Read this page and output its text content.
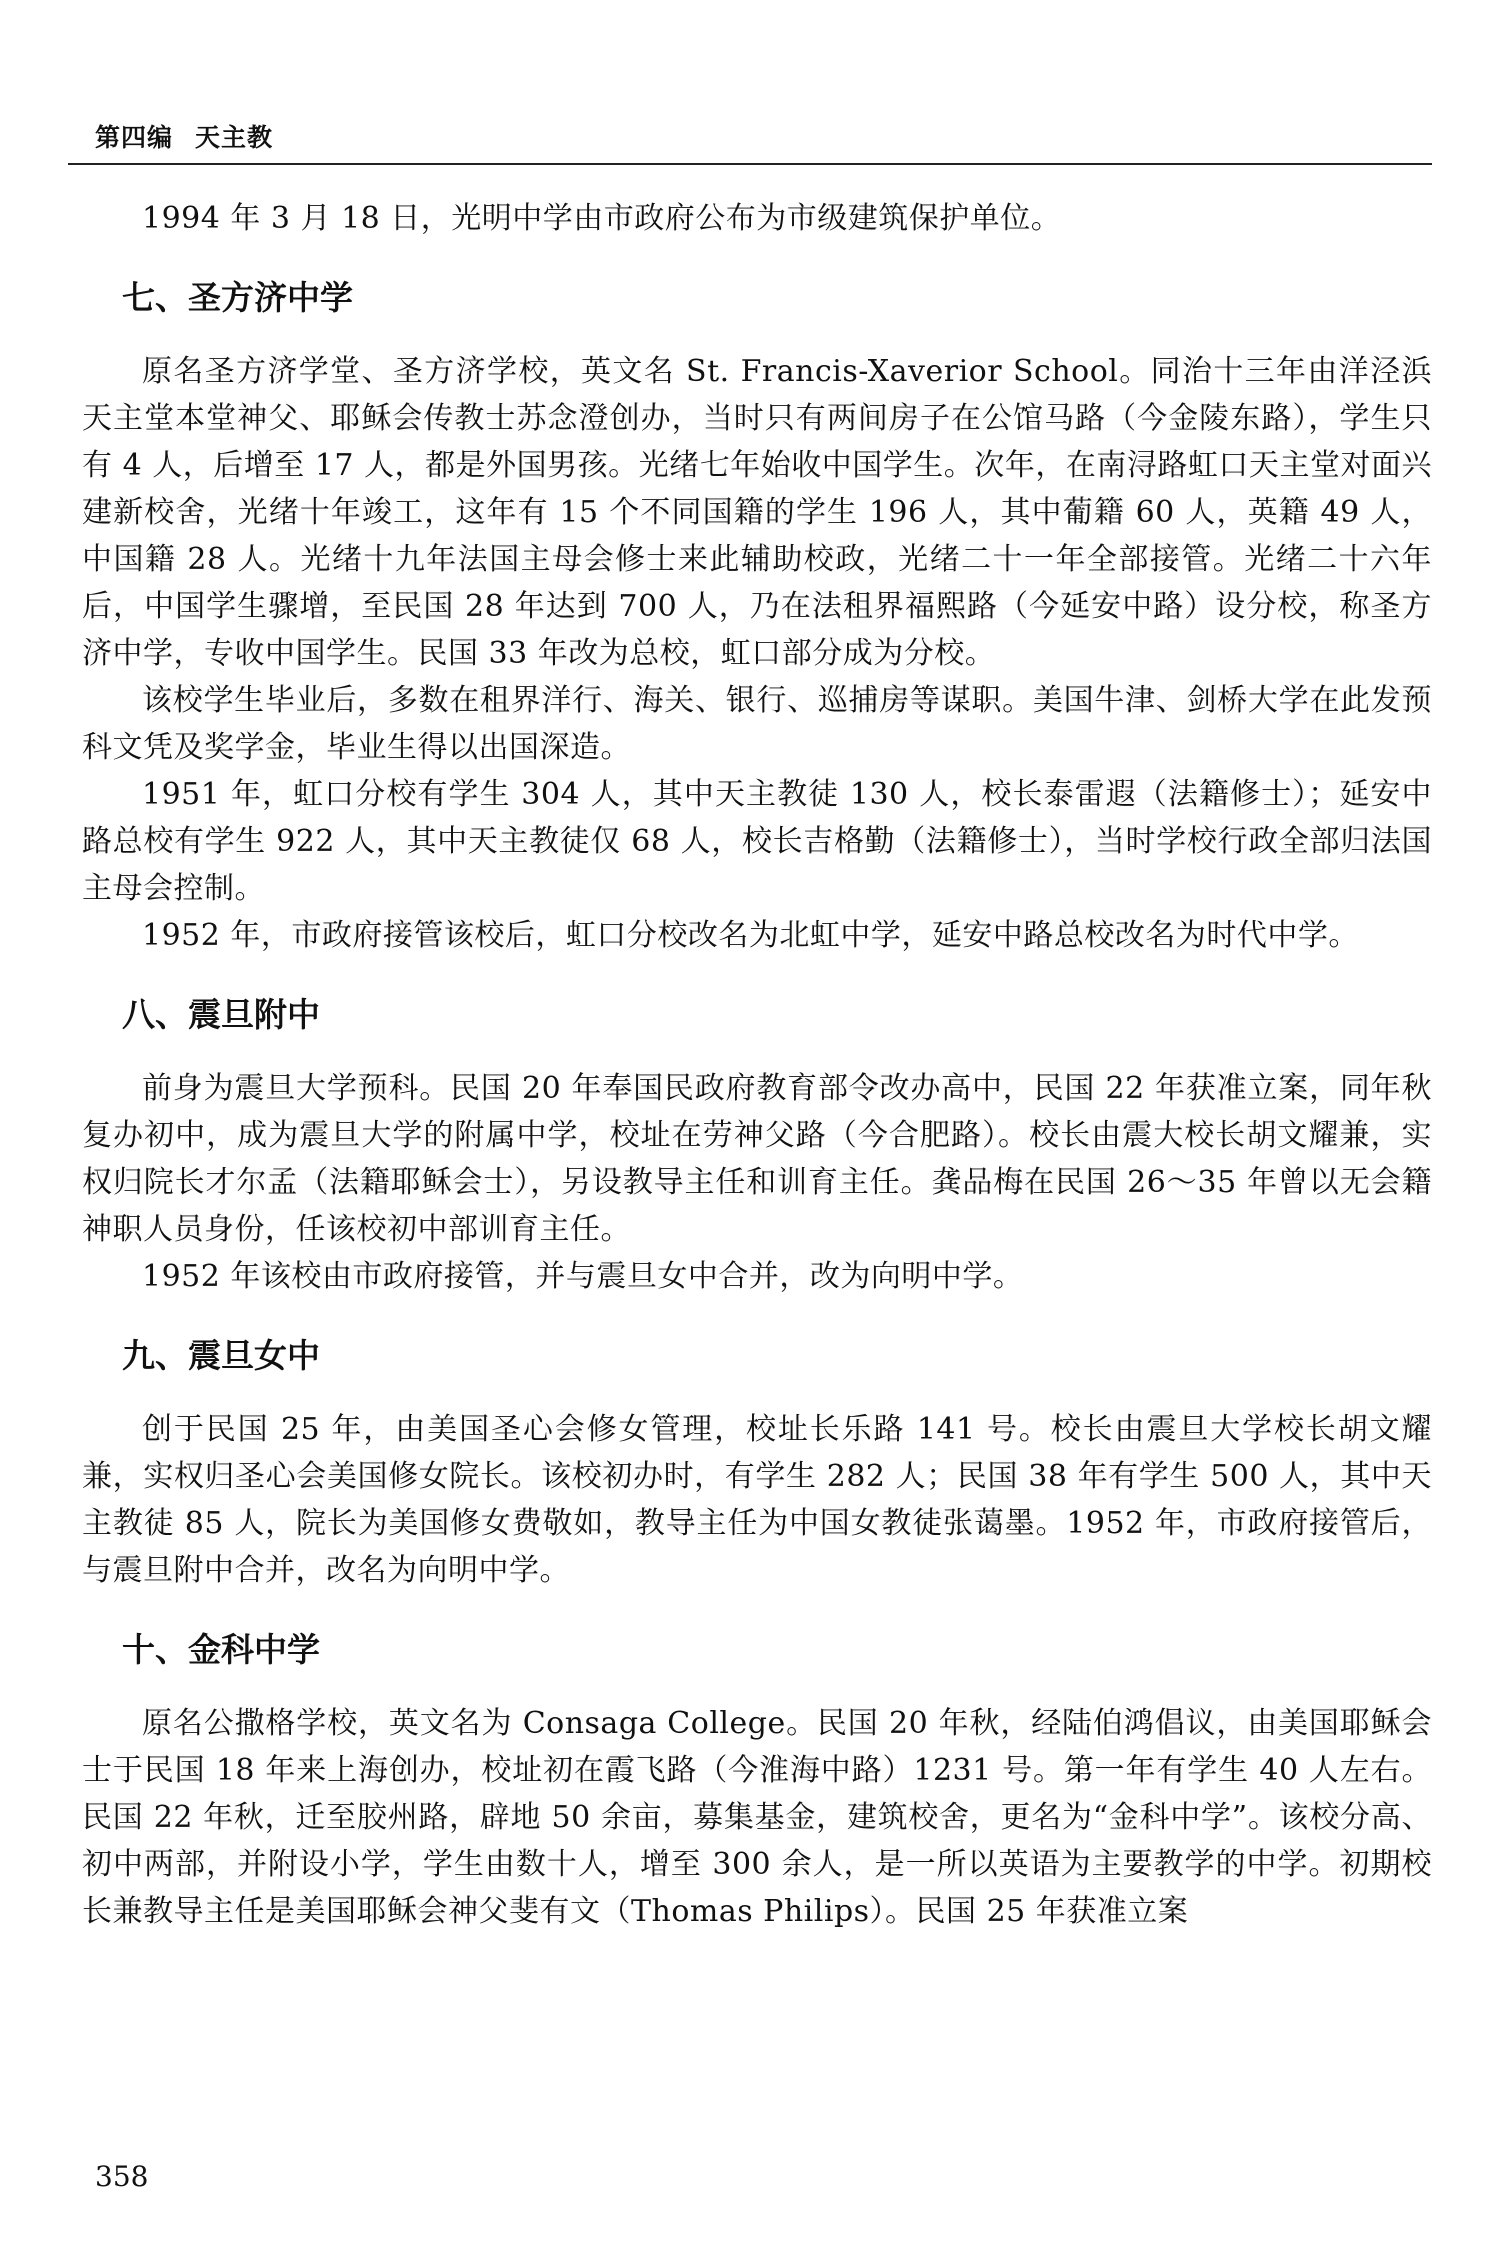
第四编 天主教

1994 年 3 月 18 日，光明中学由市政府公布为市级建筑保护单位。

七、圣方济中学

原名圣方济学堂、圣方济学校，英文名 St. Francis-Xaverior School。同治十三年由洋泾浜天主堂本堂神父、耶稣会传教士苏念澄创办，当时只有两间房子在公馆马路（今金陵东路），学生只有 4 人，后增至 17 人，都是外国男孩。光绪七年始收中国学生。次年，在南浔路虹口天主堂对面兴建新校舍，光绪十年竣工，这年有 15 个不同国籍的学生 196 人，其中葡籍 60 人，英籍 49 人，中国籍 28 人。光绪十九年法国主母会修士来此辅助校政，光绪二十一年全部接管。光绪二十六年后，中国学生骤增，至民国 28 年达到 700 人，乃在法租界福熙路（今延安中路）设分校，称圣方济中学，专收中国学生。民国 33 年改为总校，虹口部分成为分校。

该校学生毕业后，多数在租界洋行、海关、银行、巡捕房等谋职。美国牛津、剑桥大学在此发预科文凭及奖学金，毕业生得以出国深造。

1951 年，虹口分校有学生 304 人，其中天主教徒 130 人，校长泰雷遐（法籍修士）；延安中路总校有学生 922 人，其中天主教徒仅 68 人，校长吉格勤（法籍修士），当时学校行政全部归法国主母会控制。

1952 年，市政府接管该校后，虹口分校改名为北虹中学，延安中路总校改名为时代中学。

八、震旦附中

前身为震旦大学预科。民国 20 年奉国民政府教育部令改办高中，民国 22 年获准立案，同年秋复办初中，成为震旦大学的附属中学，校址在劳神父路（今合肥路）。校长由震大校长胡文耀兼，实权归院长才尔孟（法籍耶稣会士），另设教导主任和训育主任。龚品梅在民国 26～35 年曾以无会籍神职人员身份，任该校初中部训育主任。

1952 年该校由市政府接管，并与震旦女中合并，改为向明中学。

九、震旦女中

创于民国 25 年，由美国圣心会修女管理，校址长乐路 141 号。校长由震旦大学校长胡文耀兼，实权归圣心会美国修女院长。该校初办时，有学生 282 人；民国 38 年有学生 500 人，其中天主教徒 85 人，院长为美国修女费敬如，教导主任为中国女教徒张蔼墨。1952 年，市政府接管后，与震旦附中合并，改名为向明中学。

十、金科中学

原名公撒格学校，英文名为 Consaga College。民国 20 年秋，经陆伯鸿倡议，由美国耶稣会士于民国 18 年来上海创办，校址初在霞飞路（今淮海中路）1231 号。第一年有学生 40 人左右。民国 22 年秋，迁至胶州路，辟地 50 余亩，募集基金，建筑校舍，更名为“金科中学”。该校分高、初中两部，并附设小学，学生由数十人，增至 300 余人，是一所以英语为主要教学的中学。初期校长兼教导主任是美国耶稣会神父斐有文（Thomas Philips）。民国 25 年获准立案

358
